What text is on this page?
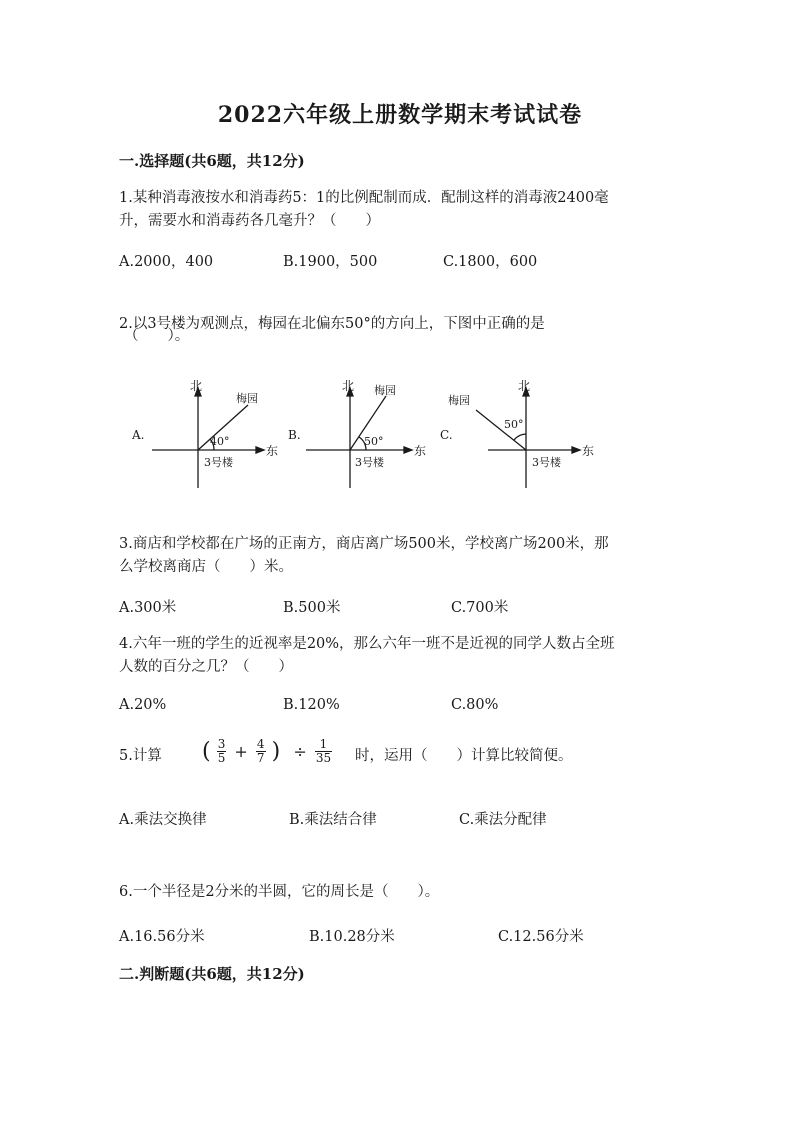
2022六年级上册数学期末考试试卷
一.选择题(共6题，共12分)
1.某种消毒液按水和消毒药5：1的比例配制而成．配制这样的消毒液2400毫
升，需要水和消毒药各几毫升？（　　）
A.2000，400	B.1900，500	C.1800，600
2.以3号楼为观测点，梅园在北偏东50°的方向上，下图中正确的是
（　　）。
A.
北
东
梅园
40°
3号楼
B.
北
东
梅园
50°
3号楼
C.
北
东
梅园
50°
3号楼
3.商店和学校都在广场的正南方，商店离广场500米，学校离广场200米，那
么学校离商店（　　）米。
A.300米	B.500米	C.700米
4.六年一班的学生的近视率是20%，那么六年一班不是近视的同学人数占全班
人数的百分之几？（　　）
A.20%	B.120%	C.80%
5.计算 ( $\frac{3}{5} + \frac{4}{7}$ ) ÷ $\frac{1}{35}$ 时，运用（　　）计算比较简便。
A.乘法交换律	B.乘法结合律	C.乘法分配律
6.一个半径是2分米的半圆，它的周长是（　　）。
A.16.56分米	B.10.28分米	C.12.56分米
二.判断题(共6题，共12分)
